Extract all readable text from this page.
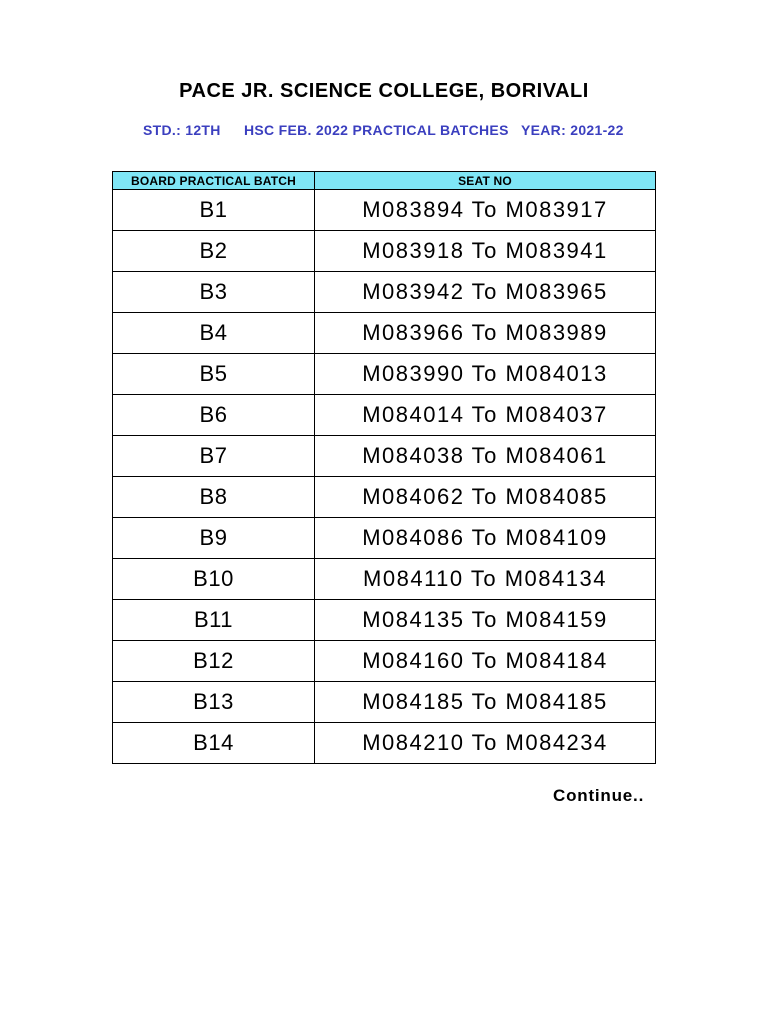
PACE JR. SCIENCE COLLEGE, BORIVALI
STD.: 12TH HSC FEB. 2022 PRACTICAL BATCHES YEAR: 2021-22
BOARD PRACTICAL BATCH	SEAT NO
B1	M083894 To M083917
B2	M083918 To M083941
B3	M083942 To M083965
B4	M083966 To M083989
B5	M083990 To M084013
B6	M084014 To M084037
B7	M084038 To M084061
B8	M084062 To M084085
B9	M084086 To M084109
B10	M084110 To M084134
B11	M084135 To M084159
B12	M084160 To M084184
B13	M084185 To M084185
B14	M084210 To M084234
Continue..
